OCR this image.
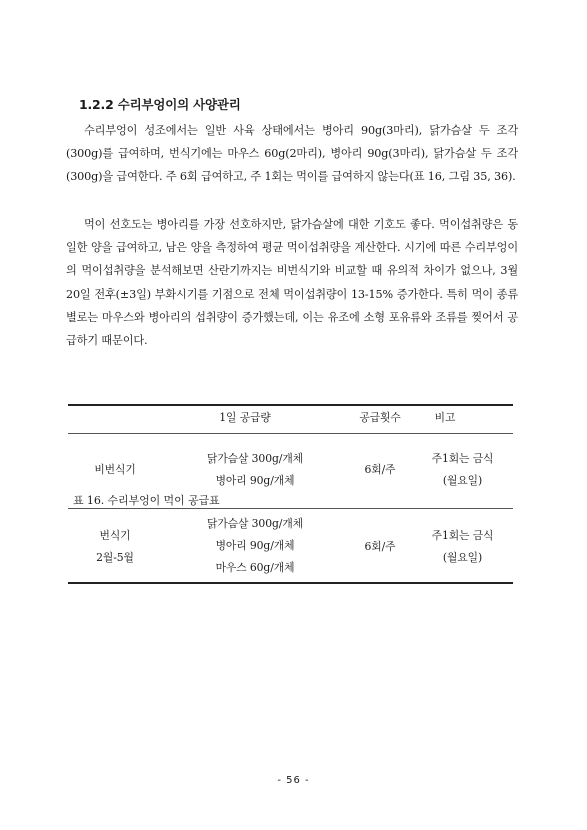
1.2.2 수리부엉이의 사양관리

수리부엉이 성조에서는 일반 사육 상태에서는 병아리 90g(3마리), 닭가슴살 두 조각(300g)를 급여하며, 번식기에는 마우스 60g(2마리), 병아리 90g(3마리), 닭가슴살 두 조각(300g)을 급여한다. 주 6회 급여하고, 주 1회는 먹이를 급여하지 않는다(표 16, 그림 35, 36).

먹이 선호도는 병아리를 가장 선호하지만, 닭가슴살에 대한 기호도 좋다. 먹이섭취량은 동일한 양을 급여하고, 남은 양을 측정하여 평균 먹이섭취량을 계산한다. 시기에 따른 수리부엉이의 먹이섭취량을 분석해보면 산란기까지는 비번식기와 비교할 때 유의적 차이가 없으나, 3월 20일 전후(±3일) 부화시기를 기점으로 전체 먹이섭취량이 13-15% 증가한다. 특히 먹이 종류별로는 마우스와 병아리의 섭취량이 증가했는데, 이는 유조에 소형 포유류와 조류를 찢어서 공급하기 때문이다.

표 16. 수리부엉이 먹이 공급표
1일 공급량	공급횟수	비고
비번식기
닭가슴살 300g/개체
병아리 90g/개체
6회/주
주1회는 금식
(월요일)
번식기
2월-5월
닭가슴살 300g/개체
병아리 90g/개체
마우스 60g/개체
6회/주
주1회는 금식
(월요일)
- 56 -
